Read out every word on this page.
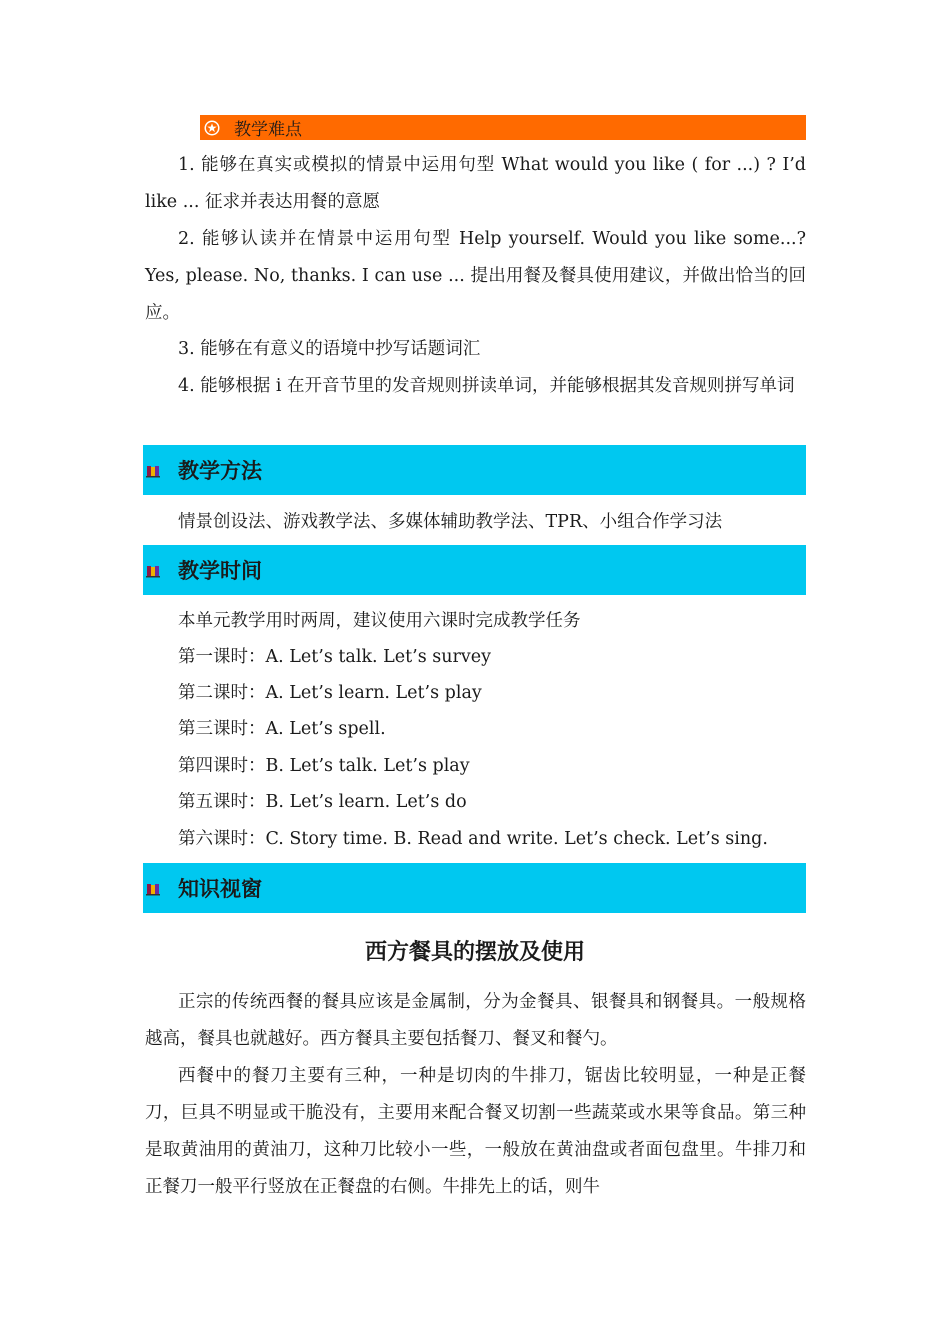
教学难点

1. 能够在真实或模拟的情景中运用句型 What would you like ( for ...) ? I’d like ... 征求并表达用餐的意愿

2. 能够认读并在情景中运用句型 Help yourself. Would you like some...? Yes, please. No, thanks. I can use ... 提出用餐及餐具使用建议，并做出恰当的回应。

3. 能够在有意义的语境中抄写话题词汇

4. 能够根据 i 在开音节里的发音规则拼读单词，并能够根据其发音规则拼写单词

教学方法
情景创设法、游戏教学法、多媒体辅助教学法、TPR、小组合作学习法
教学时间
本单元教学用时两周，建议使用六课时完成教学任务
第一课时：A. Let’s talk. Let’s survey
第二课时：A. Let’s learn. Let’s play
第三课时：A. Let’s spell.
第四课时：B. Let’s talk. Let’s play
第五课时：B. Let’s learn. Let’s do
第六课时：C. Story time. B. Read and write. Let’s check. Let’s sing.
知识视窗
西方餐具的摆放及使用

正宗的传统西餐的餐具应该是金属制，分为金餐具、银餐具和钢餐具。一般规格越高，餐具也就越好。西方餐具主要包括餐刀、餐叉和餐勺。

西餐中的餐刀主要有三种，一种是切肉的牛排刀，锯齿比较明显，一种是正餐刀，巨具不明显或干脆没有，主要用来配合餐叉切割一些蔬菜或水果等食品。第三种是取黄油用的黄油刀，这种刀比较小一些，一般放在黄油盘或者面包盘里。牛排刀和正餐刀一般平行竖放在正餐盘的右侧。牛排先上的话，则牛
